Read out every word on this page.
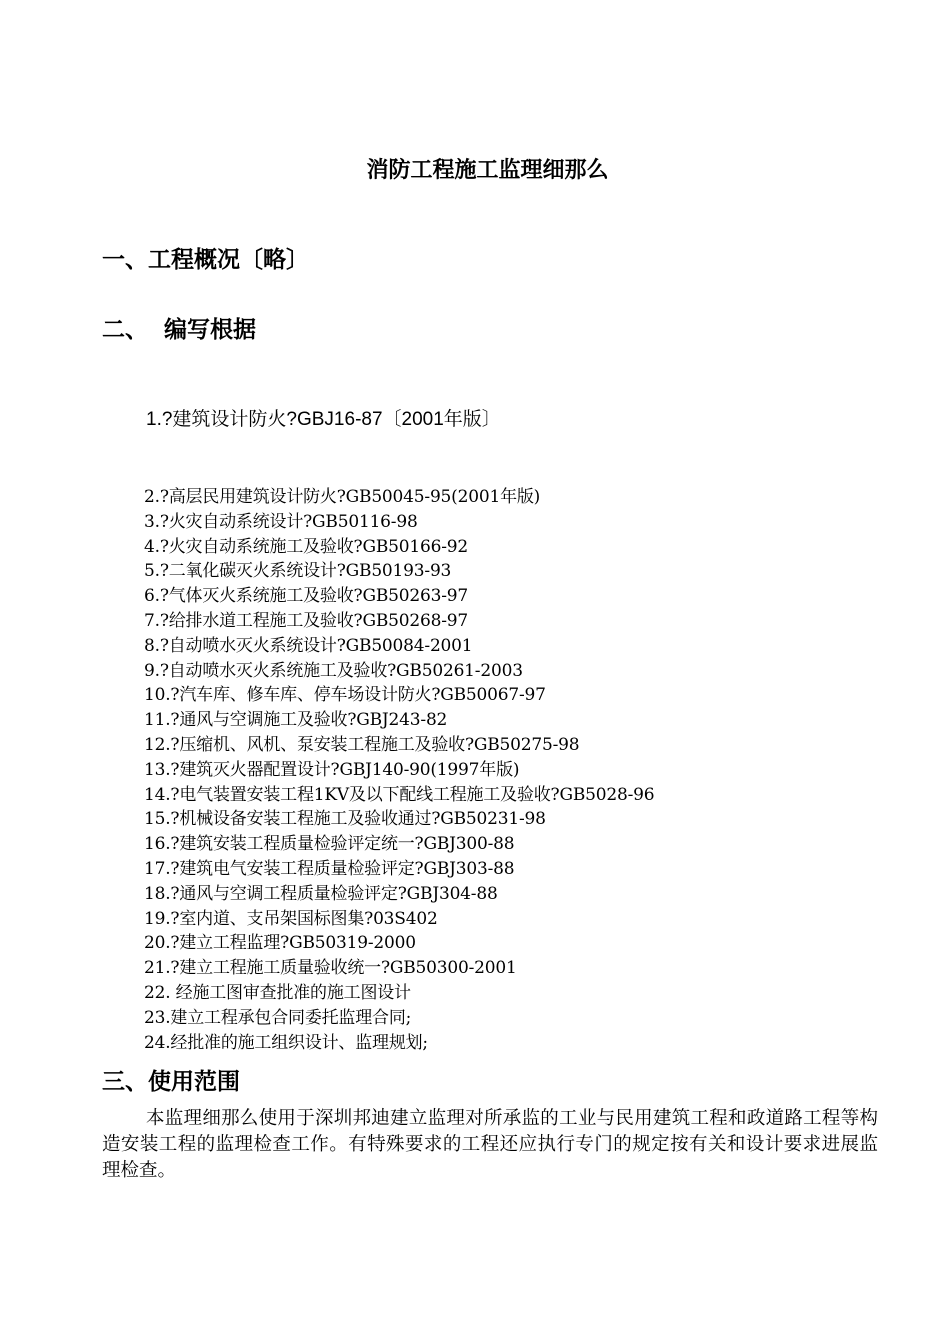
消防工程施工监理细那么
一、工程概况〔略〕
二、  编写根据
1.?建筑设计防火?GBJ16-87〔2001年版〕
2.?高层民用建筑设计防火?GB50045-95(2001年版)
3.?火灾自动系统设计?GB50116-98
4.?火灾自动系统施工及验收?GB50166-92
5.?二氧化碳灭火系统设计?GB50193-93
6.?气体灭火系统施工及验收?GB50263-97
7.?给排水道工程施工及验收?GB50268-97
8.?自动喷水灭火系统设计?GB50084-2001
9.?自动喷水灭火系统施工及验收?GB50261-2003
10.?汽车库、修车库、停车场设计防火?GB50067-97
11.?通风与空调施工及验收?GBJ243-82
12.?压缩机、风机、泵安装工程施工及验收?GB50275-98
13.?建筑灭火器配置设计?GBJ140-90(1997年版)
14.?电气装置安装工程1KV及以下配线工程施工及验收?GB5028-96
15.?机械设备安装工程施工及验收通过?GB50231-98
16.?建筑安装工程质量检验评定统一?GBJ300-88
17.?建筑电气安装工程质量检验评定?GBJ303-88
18.?通风与空调工程质量检验评定?GBJ304-88
19.?室内道、支吊架国标图集?03S402
20.?建立工程监理?GB50319-2000
21.?建立工程施工质量验收统一?GB50300-2001
22. 经施工图审查批准的施工图设计
23.建立工程承包合同委托监理合同;
24.经批准的施工组织设计、监理规划;
三、使用范围

本监理细那么使用于深圳邦迪建立监理对所承监的工业与民用建筑工程和政道路工程等构造安装工程的监理检查工作。有特殊要求的工程还应执行专门的规定按有关和设计要求进展监理检查。
